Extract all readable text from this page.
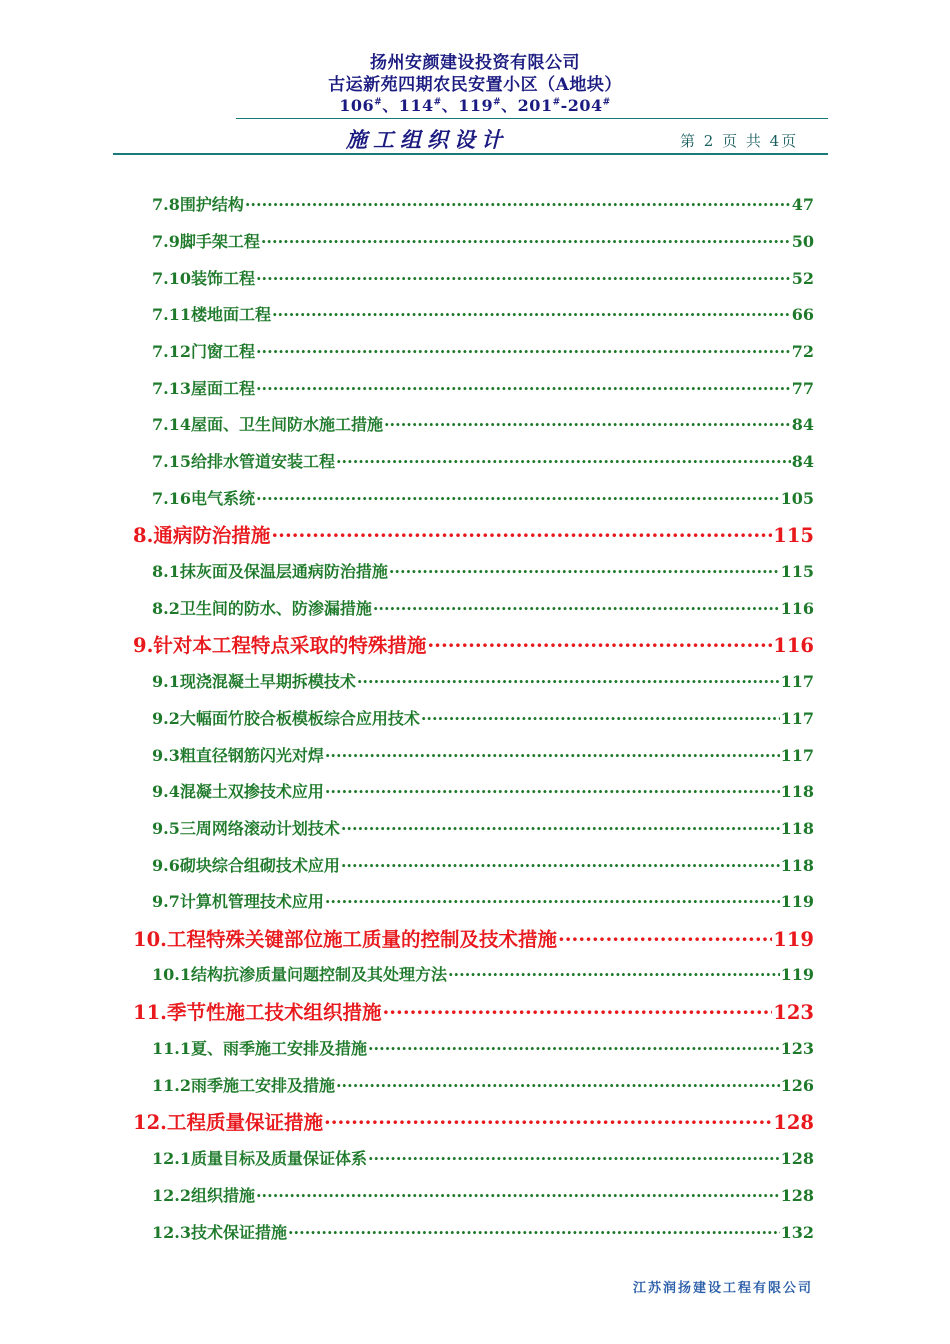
扬州安颜建设投资有限公司
古运新苑四期农民安置小区（A地块）
106#、114#、119#、201#-204#
施工组织设计	第 2 页 共 4页
7.8 围护结构 ·····	47
7.9 脚手架工程 ·····	50
7.10 装饰工程 ·····	52
7.11 楼地面工程 ·····	66
7.12 门窗工程 ·····	72
7.13 屋面工程 ·····	77
7.14 屋面、卫生间防水施工措施 ·····	84
7.15 给排水管道安装工程 ·····	84
7.16 电气系统 ·····	105
8. 通病防治措施 ·····	115
8.1 抹灰面及保温层通病防治措施 ·····	115
8.2 卫生间的防水、防渗漏措施 ·····	116
9. 针对本工程特点采取的特殊措施 ·····	116
9.1 现浇混凝土早期拆模技术 ·····	117
9.2 大幅面竹胶合板模板综合应用技术 ·····	117
9.3 粗直径钢筋闪光对焊 ·····	117
9.4 混凝土双掺技术应用 ·····	118
9.5 三周网络滚动计划技术 ·····	118
9.6 砌块综合组砌技术应用 ·····	118
9.7 计算机管理技术应用 ·····	119
10. 工程特殊关键部位施工质量的控制及技术措施 ·····	119
10.1 结构抗渗质量问题控制及其处理方法 ·····	119
11. 季节性施工技术组织措施 ·····	123
11.1 夏、雨季施工安排及措施 ·····	123
11.2 雨季施工安排及措施 ·····	126
12. 工程质量保证措施 ·····	128
12.1 质量目标及质量保证体系 ·····	128
12.2 组织措施 ·····	128
12.3 技术保证措施 ·····	132
江苏润扬建设工程有限公司
